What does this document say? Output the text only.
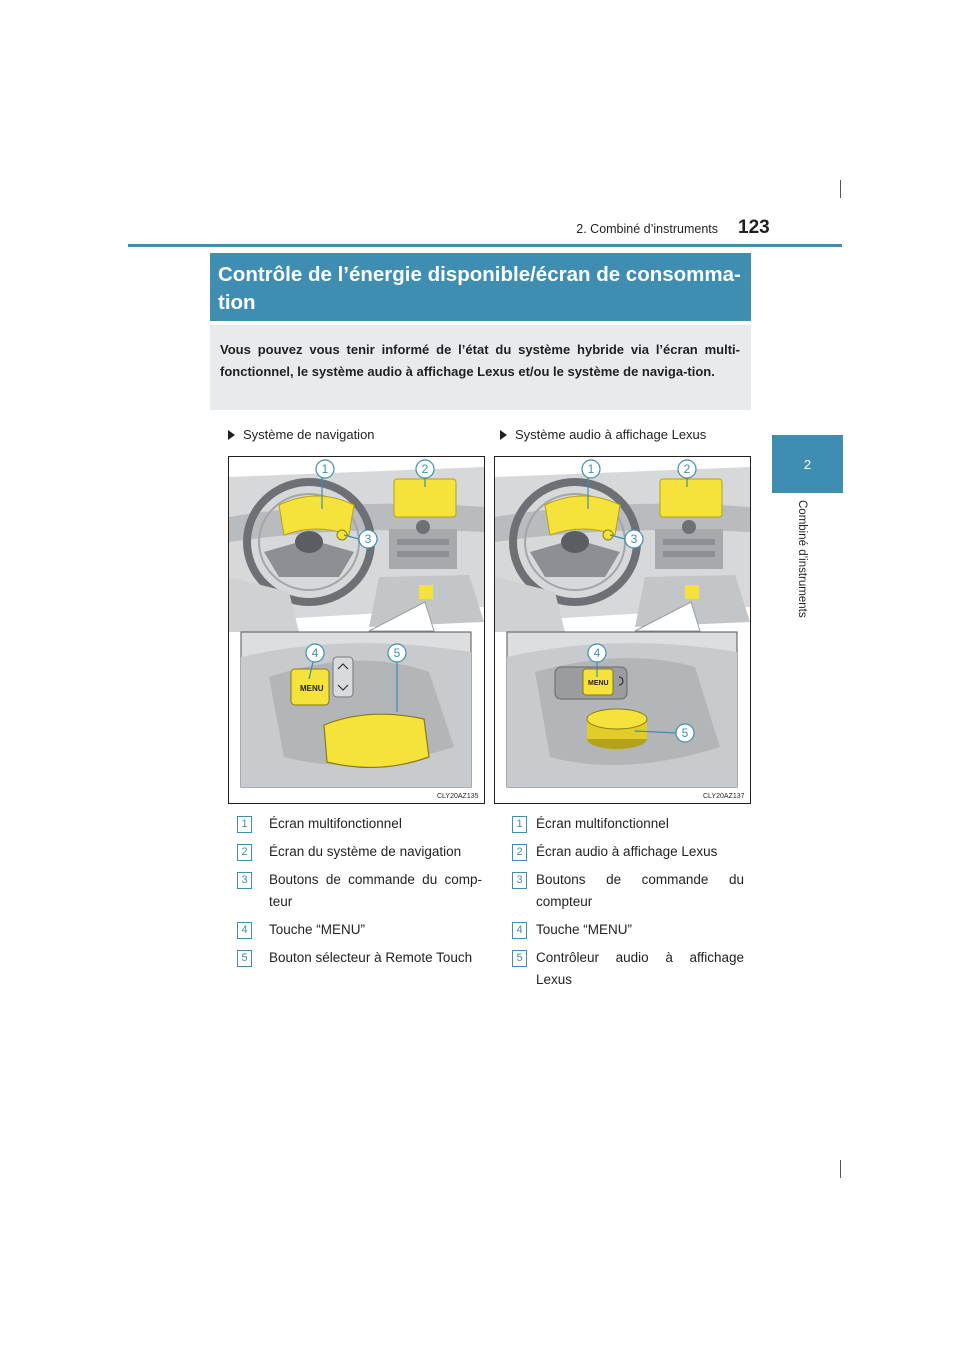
2. Combiné d’instruments 123
2
Combiné d’instruments
Contrôle de l’énergie disponible/écran de consomma-tion
Vous pouvez vous tenir informé de l’état du système hybride via l’écran multi-fonctionnel, le système audio à affichage Lexus et/ou le système de naviga-tion.
Système de navigation	Système audio à affichage Lexus
MENU
1	2
3
4	5
CLY20AZ135
MENU
1	2
3
4
5
CLY20AZ137
1	Écran multifonctionnel
2	Écran du système de navigation
3	Boutons de commande du comp-teur
4	Touche “MENU”
5	Bouton sélecteur à Remote Touch
1 Écran multifonctionnel
2 Écran audio à affichage Lexus
3 Boutons de commande du compteur
4 Touche “MENU”
5 Contrôleur audio à affichage Lexus
